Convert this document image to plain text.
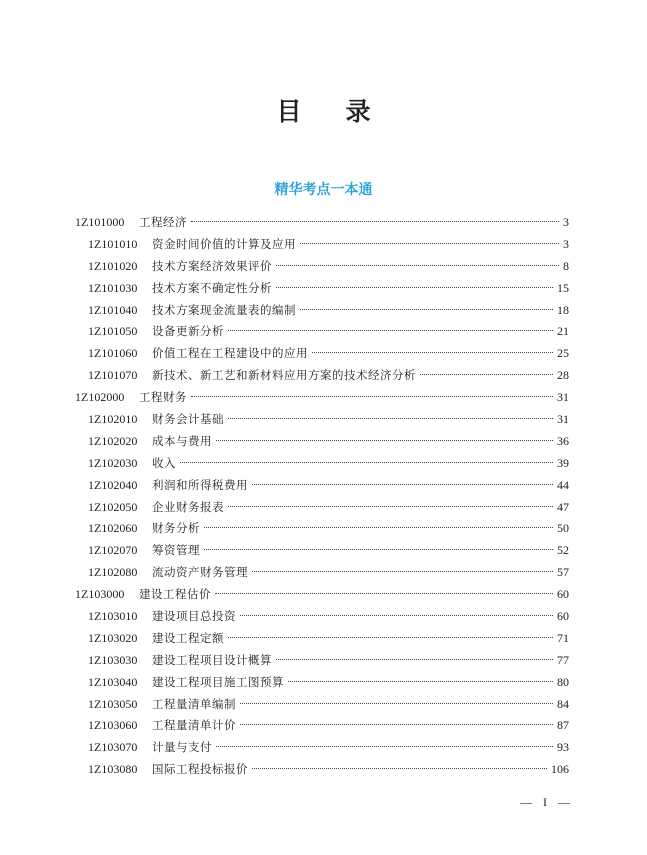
目录
精华考点一本通
1Z101000	工程经济	3
1Z101010	资金时间价值的计算及应用	3
1Z101020	技术方案经济效果评价	8
1Z101030	技术方案不确定性分析	15
1Z101040	技术方案现金流量表的编制	18
1Z101050	设备更新分析	21
1Z101060	价值工程在工程建设中的应用	25
1Z101070	新技术、新工艺和新材料应用方案的技术经济分析	28
1Z102000	工程财务	31
1Z102010	财务会计基础	31
1Z102020	成本与费用	36
1Z102030	收入	39
1Z102040	利润和所得税费用	44
1Z102050	企业财务报表	47
1Z102060	财务分析	50
1Z102070	筹资管理	52
1Z102080	流动资产财务管理	57
1Z103000	建设工程估价	60
1Z103010	建设项目总投资	60
1Z103020	建设工程定额	71
1Z103030	建设工程项目设计概算	77
1Z103040	建设工程项目施工图预算	80
1Z103050	工程量清单编制	84
1Z103060	工程量清单计价	87
1Z103070	计量与支付	93
1Z103080	国际工程投标报价	106
— I —
